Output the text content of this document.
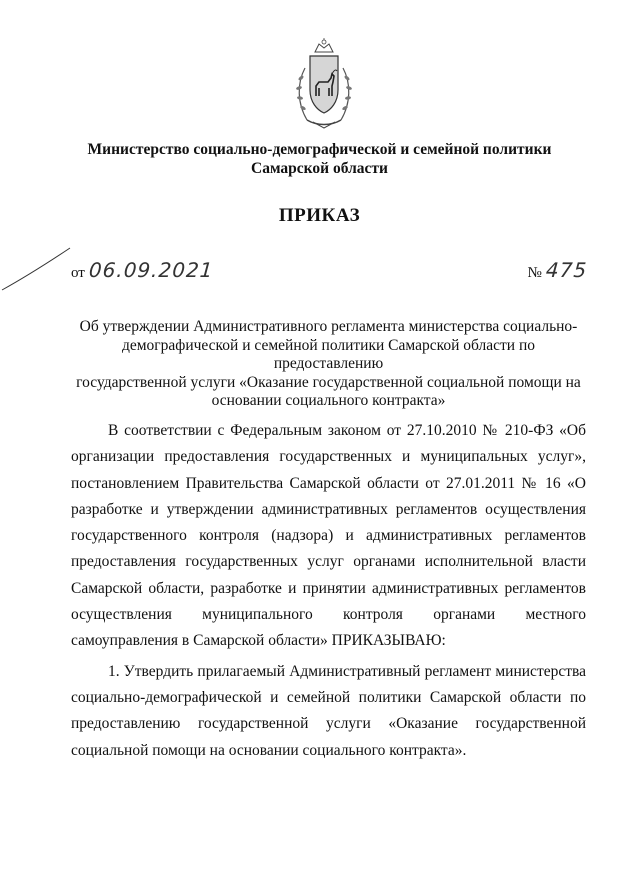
Министерство социально-демографической и семейной политики
Самарской области
ПРИКАЗ
от 06.09.2021	№ 475
Об утверждении Административного регламента министерства социально-
демографической и семейной политики Самарской области по предоставлению
государственной услуги «Оказание государственной социальной помощи на
основании социального контракта»

В соответствии с Федеральным законом от 27.10.2010 № 210-ФЗ «Об организации предоставления государственных и муниципальных услуг», постановлением Правительства Самарской области от 27.01.2011 № 16 «О разработке и утверждении административных регламентов осуществления государственного контроля (надзора) и административных регламентов предоставления государственных услуг органами исполнительной власти Самарской области, разработке и принятии административных регламентов осуществления муниципального контроля органами местного самоуправления в Самарской области» ПРИКАЗЫВАЮ:

1. Утвердить прилагаемый Административный регламент министерства социально-демографической и семейной политики Самарской области по предоставлению государственной услуги «Оказание государственной социальной помощи на основании социального контракта».
